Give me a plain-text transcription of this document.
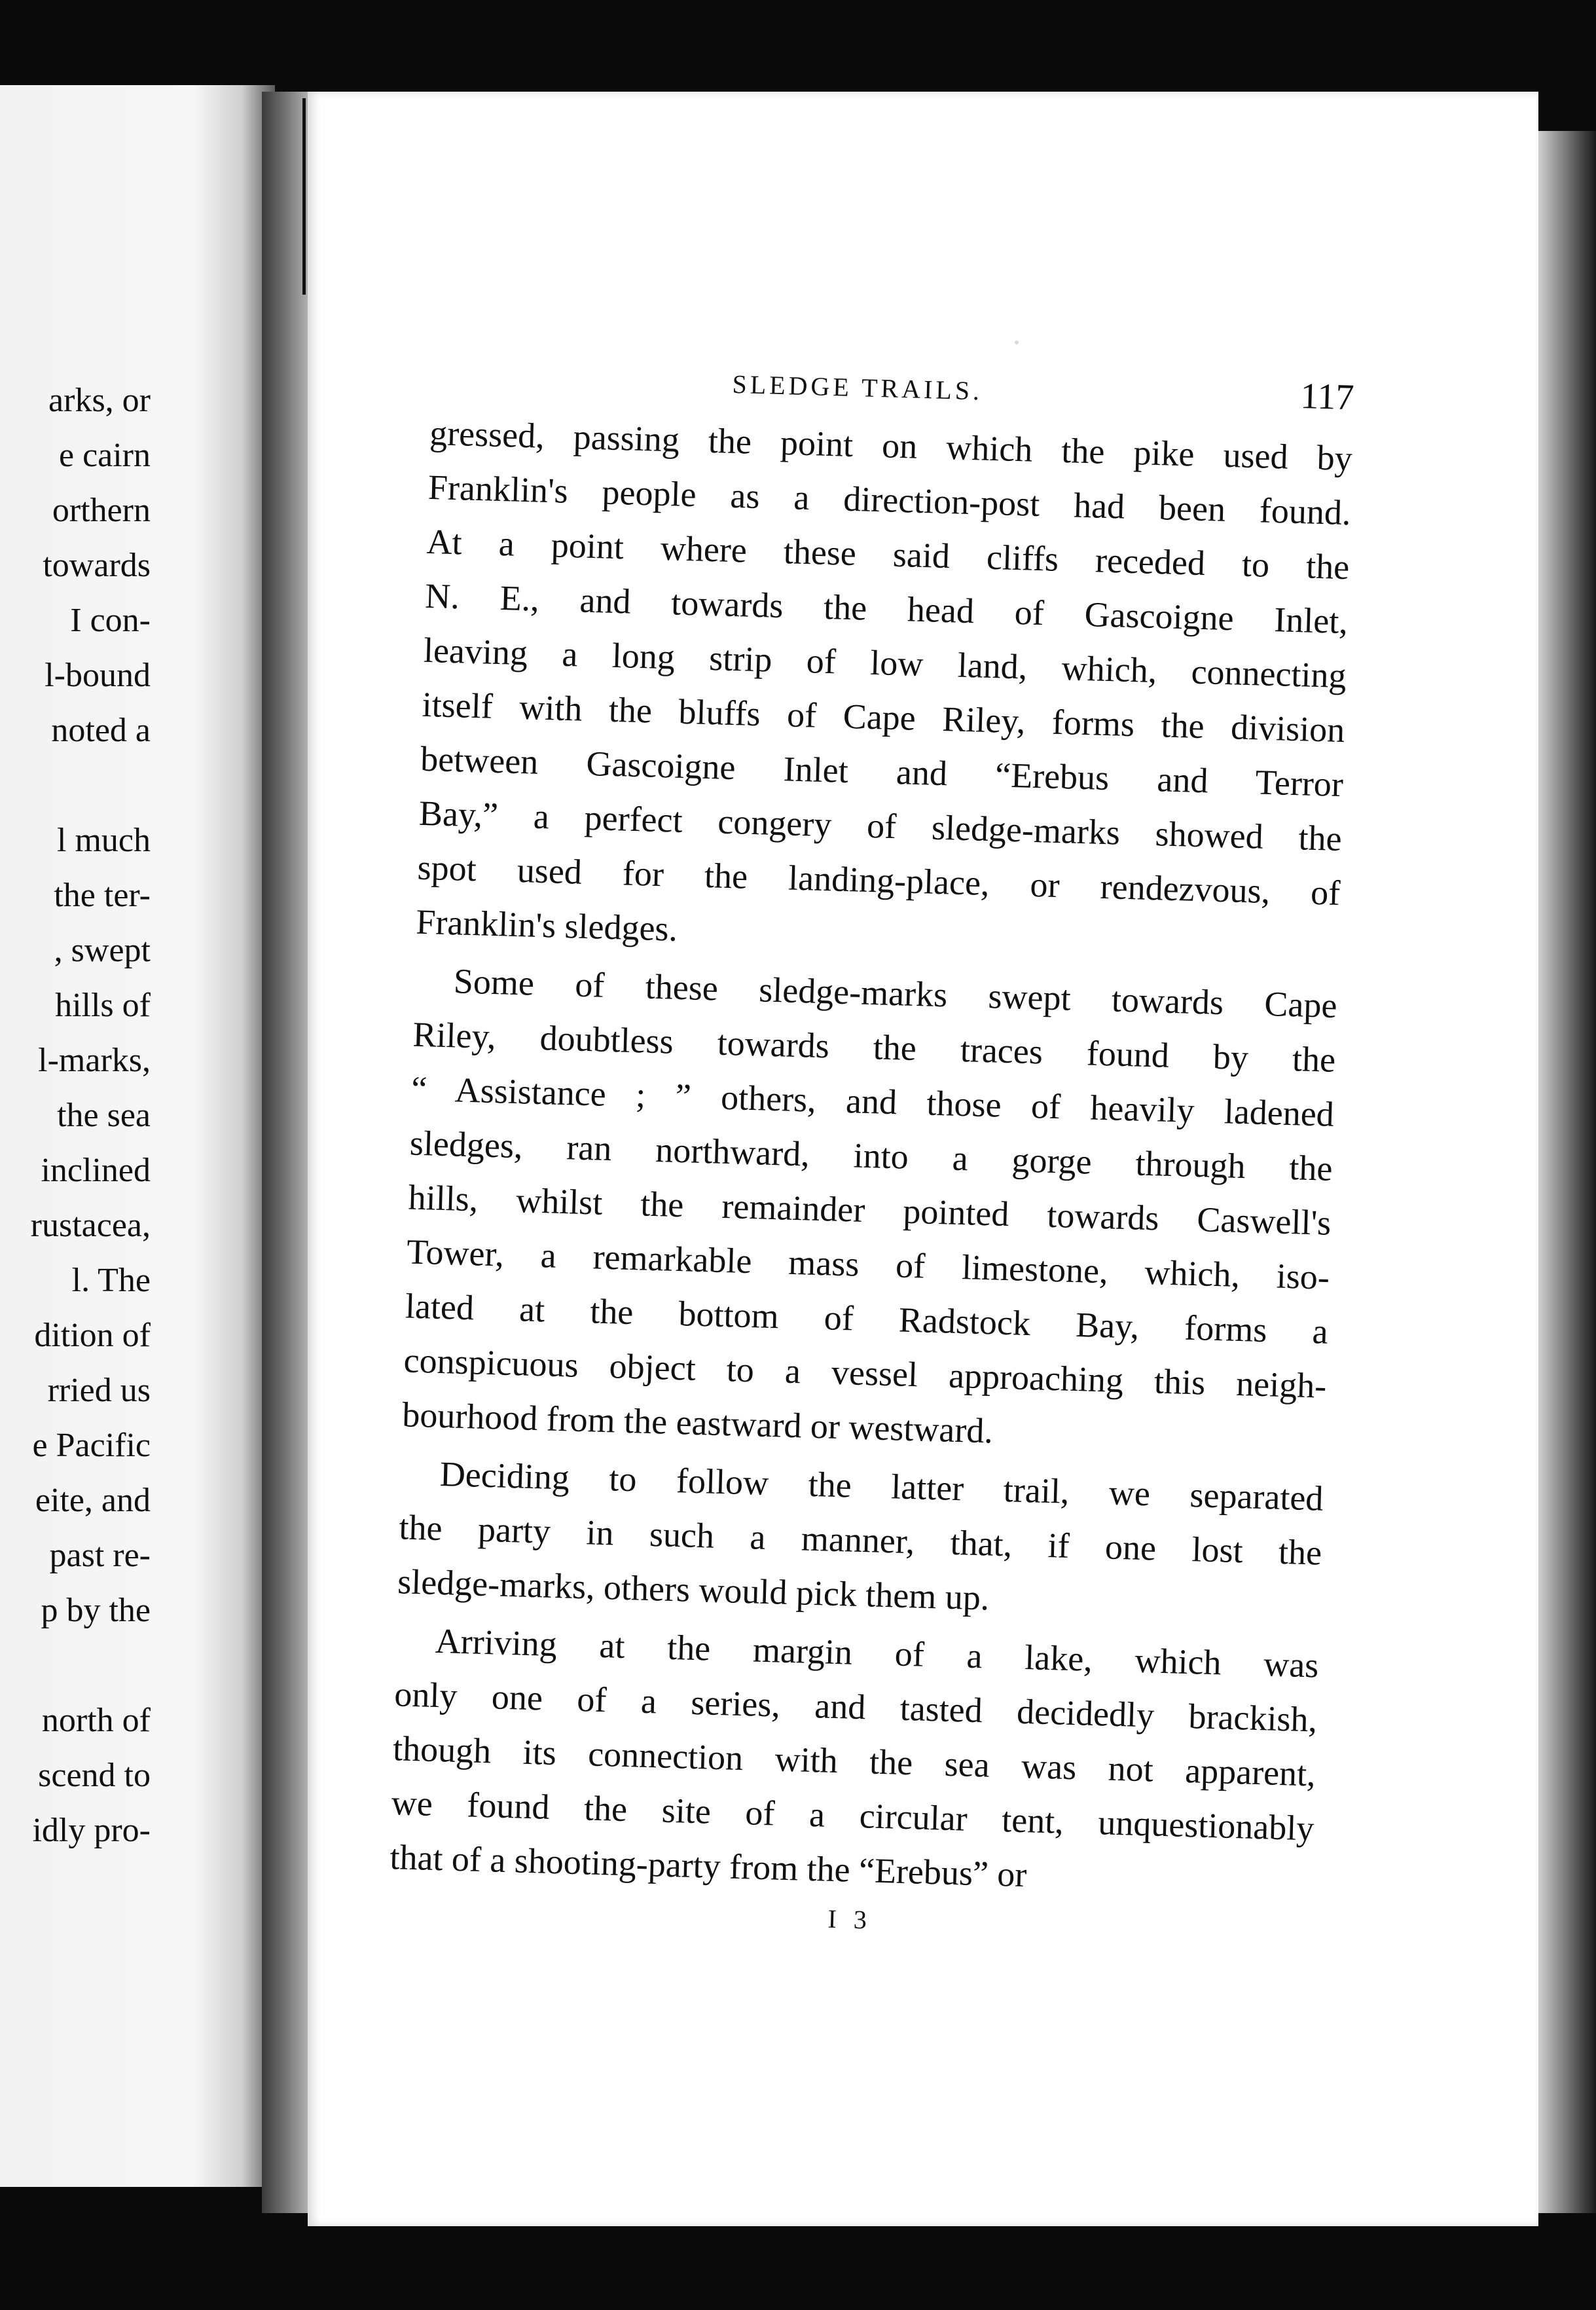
arks, or
e cairn
orthern
towards
I con-
l-bound
noted a
l much
the ter-
, swept
hills of
l-marks,
the sea
inclined
rustacea,
l. The
dition of
rried us
e Pacific
eite, and
past re-
p by the
north of
scend to
idly pro-
SLEDGE TRAILS.	117
gressed, passing the point on which the pike used by
Franklin's people as a direction-post had been found.
At a point where these said cliffs receded to the
N. E., and towards the head of Gascoigne Inlet,
leaving a long strip of low land, which, connecting
itself with the bluffs of Cape Riley, forms the division
between Gascoigne Inlet and “Erebus and Terror
Bay,” a perfect congery of sledge-marks showed the
spot used for the landing-place, or rendezvous, of
Franklin's sledges.
Some of these sledge-marks swept towards Cape
Riley, doubtless towards the traces found by the
“ Assistance ; ” others, and those of heavily ladened
sledges, ran northward, into a gorge through the
hills, whilst the remainder pointed towards Caswell's
Tower, a remarkable mass of limestone, which, iso-
lated at the bottom of Radstock Bay, forms a
conspicuous object to a vessel approaching this neigh-
bourhood from the eastward or westward.
Deciding to follow the latter trail, we separated
the party in such a manner, that, if one lost the
sledge-marks, others would pick them up.
Arriving at the margin of a lake, which was
only one of a series, and tasted decidedly brackish,
though its connection with the sea was not apparent,
we found the site of a circular tent, unquestionably
that of a shooting-party from the “Erebus” or
I 3
